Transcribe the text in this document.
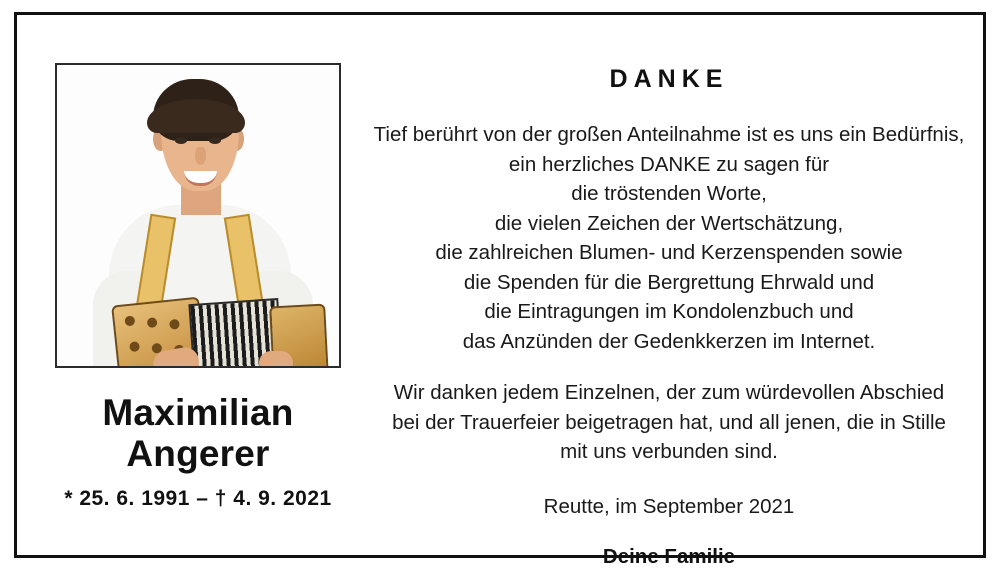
Maximilian
Angerer
* 25. 6. 1991 – † 4. 9. 2021
DANKE
Tief berührt von der großen Anteilnahme ist es uns ein Bedürfnis,
ein herzliches DANKE zu sagen für
die tröstenden Worte,
die vielen Zeichen der Wertschätzung,
die zahlreichen Blumen- und Kerzenspenden sowie
die Spenden für die Bergrettung Ehrwald und
die Eintragungen im Kondolenzbuch und
das Anzünden der Gedenkkerzen im Internet.
Wir danken jedem Einzelnen, der zum würdevollen Abschied
bei der Trauerfeier beigetragen hat, und all jenen, die in Stille
mit uns verbunden sind.
Reutte, im September 2021
Deine Familie
